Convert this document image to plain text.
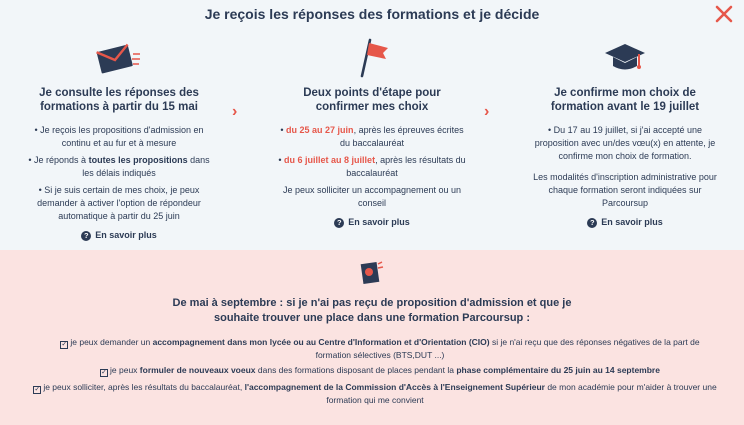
Je reçois les réponses des formations et je décide
Je consulte les réponses des formations à partir du 15 mai
• Je reçois les propositions d'admission en continu et au fur et à mesure
• Je réponds à toutes les propositions dans les délais indiqués
• Si je suis certain de mes choix, je peux demander à activer l'option de répondeur automatique à partir du 25 juin
? En savoir plus
›
Deux points d'étape pour confirmer mes choix
• du 25 au 27 juin, après les épreuves écrites du baccalauréat
• du 6 juillet au 8 juillet, après les résultats du baccalauréat

Je peux solliciter un accompagnement ou un conseil

? En savoir plus
›
Je confirme mon choix de formation avant le 19 juillet
• Du 17 au 19 juillet, si j'ai accepté une proposition avec un/des vœu(x) en attente, je confirme mon choix de formation.

Les modalités d'inscription administrative pour chaque formation seront indiquées sur Parcoursup

? En savoir plus
De mai à septembre : si je n'ai pas reçu de proposition d'admission et que je souhaite trouver une place dans une formation Parcoursup :
✓ je peux demander un accompagnement dans mon lycée ou au Centre d'Information et d'Orientation (CIO) si je n'ai reçu que des réponses négatives de la part de formation sélectives (BTS,DUT ...)
✓ je peux formuler de nouveaux voeux dans des formations disposant de places pendant la phase complémentaire du 25 juin au 14 septembre
✓ je peux solliciter, après les résultats du baccalauréat, l'accompagnement de la Commission d'Accès à l'Enseignement Supérieur de mon académie pour m'aider à trouver une formation qui me convient
